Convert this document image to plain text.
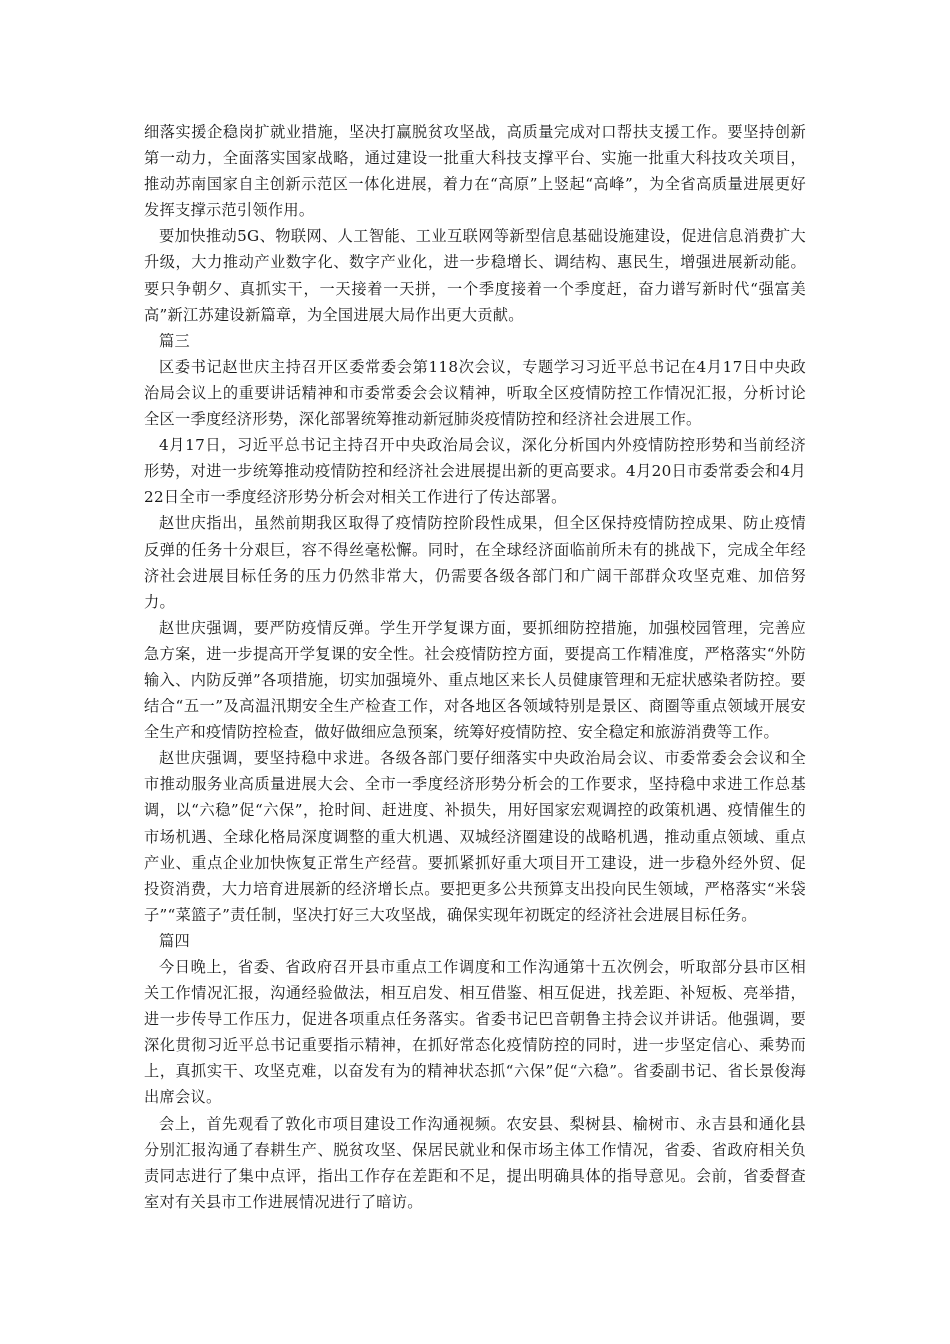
细落实援企稳岗扩就业措施，坚决打赢脱贫攻坚战，高质量完成对口帮扶支援工作。要坚持创新第一动力，全面落实国家战略，通过建设一批重大科技支撑平台、实施一批重大科技攻关项目，推动苏南国家自主创新示范区一体化进展，着力在“高原”上竖起“高峰”，为全省高质量进展更好发挥支撑示范引领作用。

要加快推动5G、物联网、人工智能、工业互联网等新型信息基础设施建设，促进信息消费扩大升级，大力推动产业数字化、数字产业化，进一步稳增长、调结构、惠民生，增强进展新动能。要只争朝夕、真抓实干，一天接着一天拼，一个季度接着一个季度赶，奋力谱写新时代“强富美高”新江苏建设新篇章，为全国进展大局作出更大贡献。

篇三

区委书记赵世庆主持召开区委常委会第118次会议，专题学习习近平总书记在4月17日中央政治局会议上的重要讲话精神和市委常委会会议精神，听取全区疫情防控工作情况汇报，分析讨论全区一季度经济形势，深化部署统筹推动新冠肺炎疫情防控和经济社会进展工作。

4月17日，习近平总书记主持召开中央政治局会议，深化分析国内外疫情防控形势和当前经济形势，对进一步统筹推动疫情防控和经济社会进展提出新的更高要求。4月20日市委常委会和4月22日全市一季度经济形势分析会对相关工作进行了传达部署。

赵世庆指出，虽然前期我区取得了疫情防控阶段性成果，但全区保持疫情防控成果、防止疫情反弹的任务十分艰巨，容不得丝毫松懈。同时，在全球经济面临前所未有的挑战下，完成全年经济社会进展目标任务的压力仍然非常大，仍需要各级各部门和广阔干部群众攻坚克难、加倍努力。

赵世庆强调，要严防疫情反弹。学生开学复课方面，要抓细防控措施，加强校园管理，完善应急方案，进一步提高开学复课的安全性。社会疫情防控方面，要提高工作精准度，严格落实“外防输入、内防反弹”各项措施，切实加强境外、重点地区来长人员健康管理和无症状感染者防控。要结合“五一”及高温汛期安全生产检查工作，对各地区各领域特别是景区、商圈等重点领域开展安全生产和疫情防控检查，做好做细应急预案，统筹好疫情防控、安全稳定和旅游消费等工作。

赵世庆强调，要坚持稳中求进。各级各部门要仔细落实中央政治局会议、市委常委会会议和全市推动服务业高质量进展大会、全市一季度经济形势分析会的工作要求，坚持稳中求进工作总基调，以“六稳”促“六保”，抢时间、赶进度、补损失，用好国家宏观调控的政策机遇、疫情催生的市场机遇、全球化格局深度调整的重大机遇、双城经济圈建设的战略机遇，推动重点领域、重点产业、重点企业加快恢复正常生产经营。要抓紧抓好重大项目开工建设，进一步稳外经外贸、促投资消费，大力培育进展新的经济增长点。要把更多公共预算支出投向民生领域，严格落实“米袋子”“菜篮子”责任制，坚决打好三大攻坚战，确保实现年初既定的经济社会进展目标任务。

篇四

今日晚上，省委、省政府召开县市重点工作调度和工作沟通第十五次例会，听取部分县市区相关工作情况汇报，沟通经验做法，相互启发、相互借鉴、相互促进，找差距、补短板、亮举措，进一步传导工作压力，促进各项重点任务落实。省委书记巴音朝鲁主持会议并讲话。他强调，要深化贯彻习近平总书记重要指示精神，在抓好常态化疫情防控的同时，进一步坚定信心、乘势而上，真抓实干、攻坚克难，以奋发有为的精神状态抓“六保”促“六稳”。省委副书记、省长景俊海出席会议。

会上，首先观看了敦化市项目建设工作沟通视频。农安县、梨树县、榆树市、永吉县和通化县分别汇报沟通了春耕生产、脱贫攻坚、保居民就业和保市场主体工作情况，省委、省政府相关负责同志进行了集中点评，指出工作存在差距和不足，提出明确具体的指导意见。会前，省委督查室对有关县市工作进展情况进行了暗访。
